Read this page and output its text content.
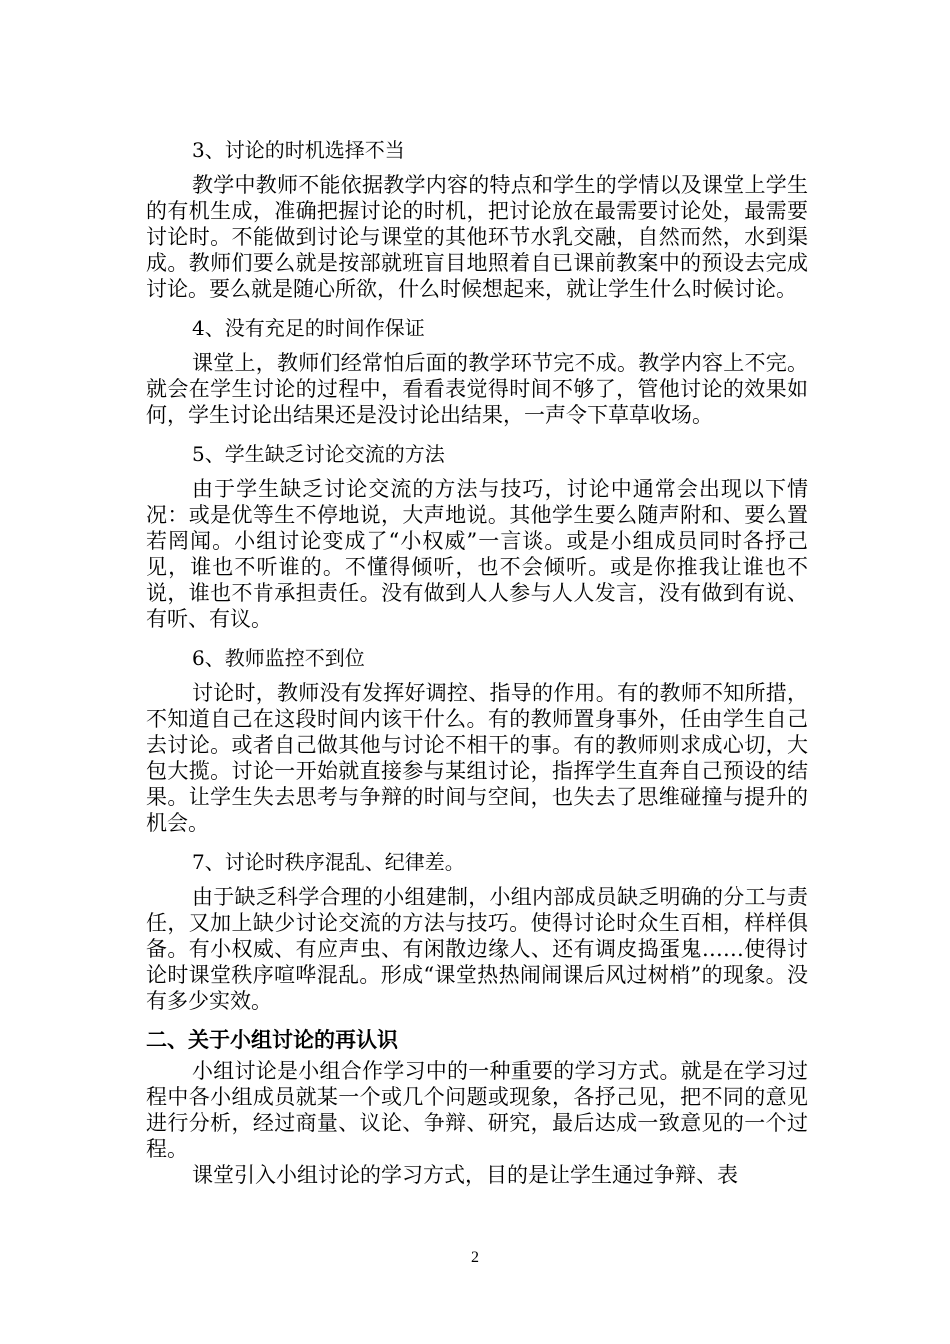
3、讨论的时机选择不当

教学中教师不能依据教学内容的特点和学生的学情以及课堂上学生的有机生成，准确把握讨论的时机，把讨论放在最需要讨论处，最需要讨论时。不能做到讨论与课堂的其他环节水乳交融，自然而然，水到渠成。教师们要么就是按部就班盲目地照着自已课前教案中的预设去完成讨论。要么就是随心所欲，什么时候想起来，就让学生什么时候讨论。

4、没有充足的时间作保证

课堂上，教师们经常怕后面的教学环节完不成。教学内容上不完。就会在学生讨论的过程中，看看表觉得时间不够了，管他讨论的效果如何，学生讨论出结果还是没讨论出结果，一声令下草草收场。

5、学生缺乏讨论交流的方法

由于学生缺乏讨论交流的方法与技巧，讨论中通常会出现以下情况：或是优等生不停地说，大声地说。其他学生要么随声附和、要么置若罔闻。小组讨论变成了“小权威”一言谈。或是小组成员同时各抒己见，谁也不听谁的。不懂得倾听，也不会倾听。或是你推我让谁也不说，谁也不肯承担责任。没有做到人人参与人人发言，没有做到有说、有听、有议。

6、教师监控不到位

讨论时，教师没有发挥好调控、指导的作用。有的教师不知所措，不知道自己在这段时间内该干什么。有的教师置身事外，任由学生自己去讨论。或者自己做其他与讨论不相干的事。有的教师则求成心切，大包大揽。讨论一开始就直接参与某组讨论，指挥学生直奔自己预设的结果。让学生失去思考与争辩的时间与空间，也失去了思维碰撞与提升的机会。

7、讨论时秩序混乱、纪律差。

由于缺乏科学合理的小组建制，小组内部成员缺乏明确的分工与责任，又加上缺少讨论交流的方法与技巧。使得讨论时众生百相，样样俱备。有小权威、有应声虫、有闲散边缘人、还有调皮捣蛋鬼……使得讨论时课堂秩序喧哗混乱。形成“课堂热热闹闹课后风过树梢”的现象。没有多少实效。

二、关于小组讨论的再认识

小组讨论是小组合作学习中的一种重要的学习方式。就是在学习过程中各小组成员就某一个或几个问题或现象，各抒己见，把不同的意见进行分析，经过商量、议论、争辩、研究，最后达成一致意见的一个过程。

课堂引入小组讨论的学习方式，目的是让学生通过争辩、表

2
